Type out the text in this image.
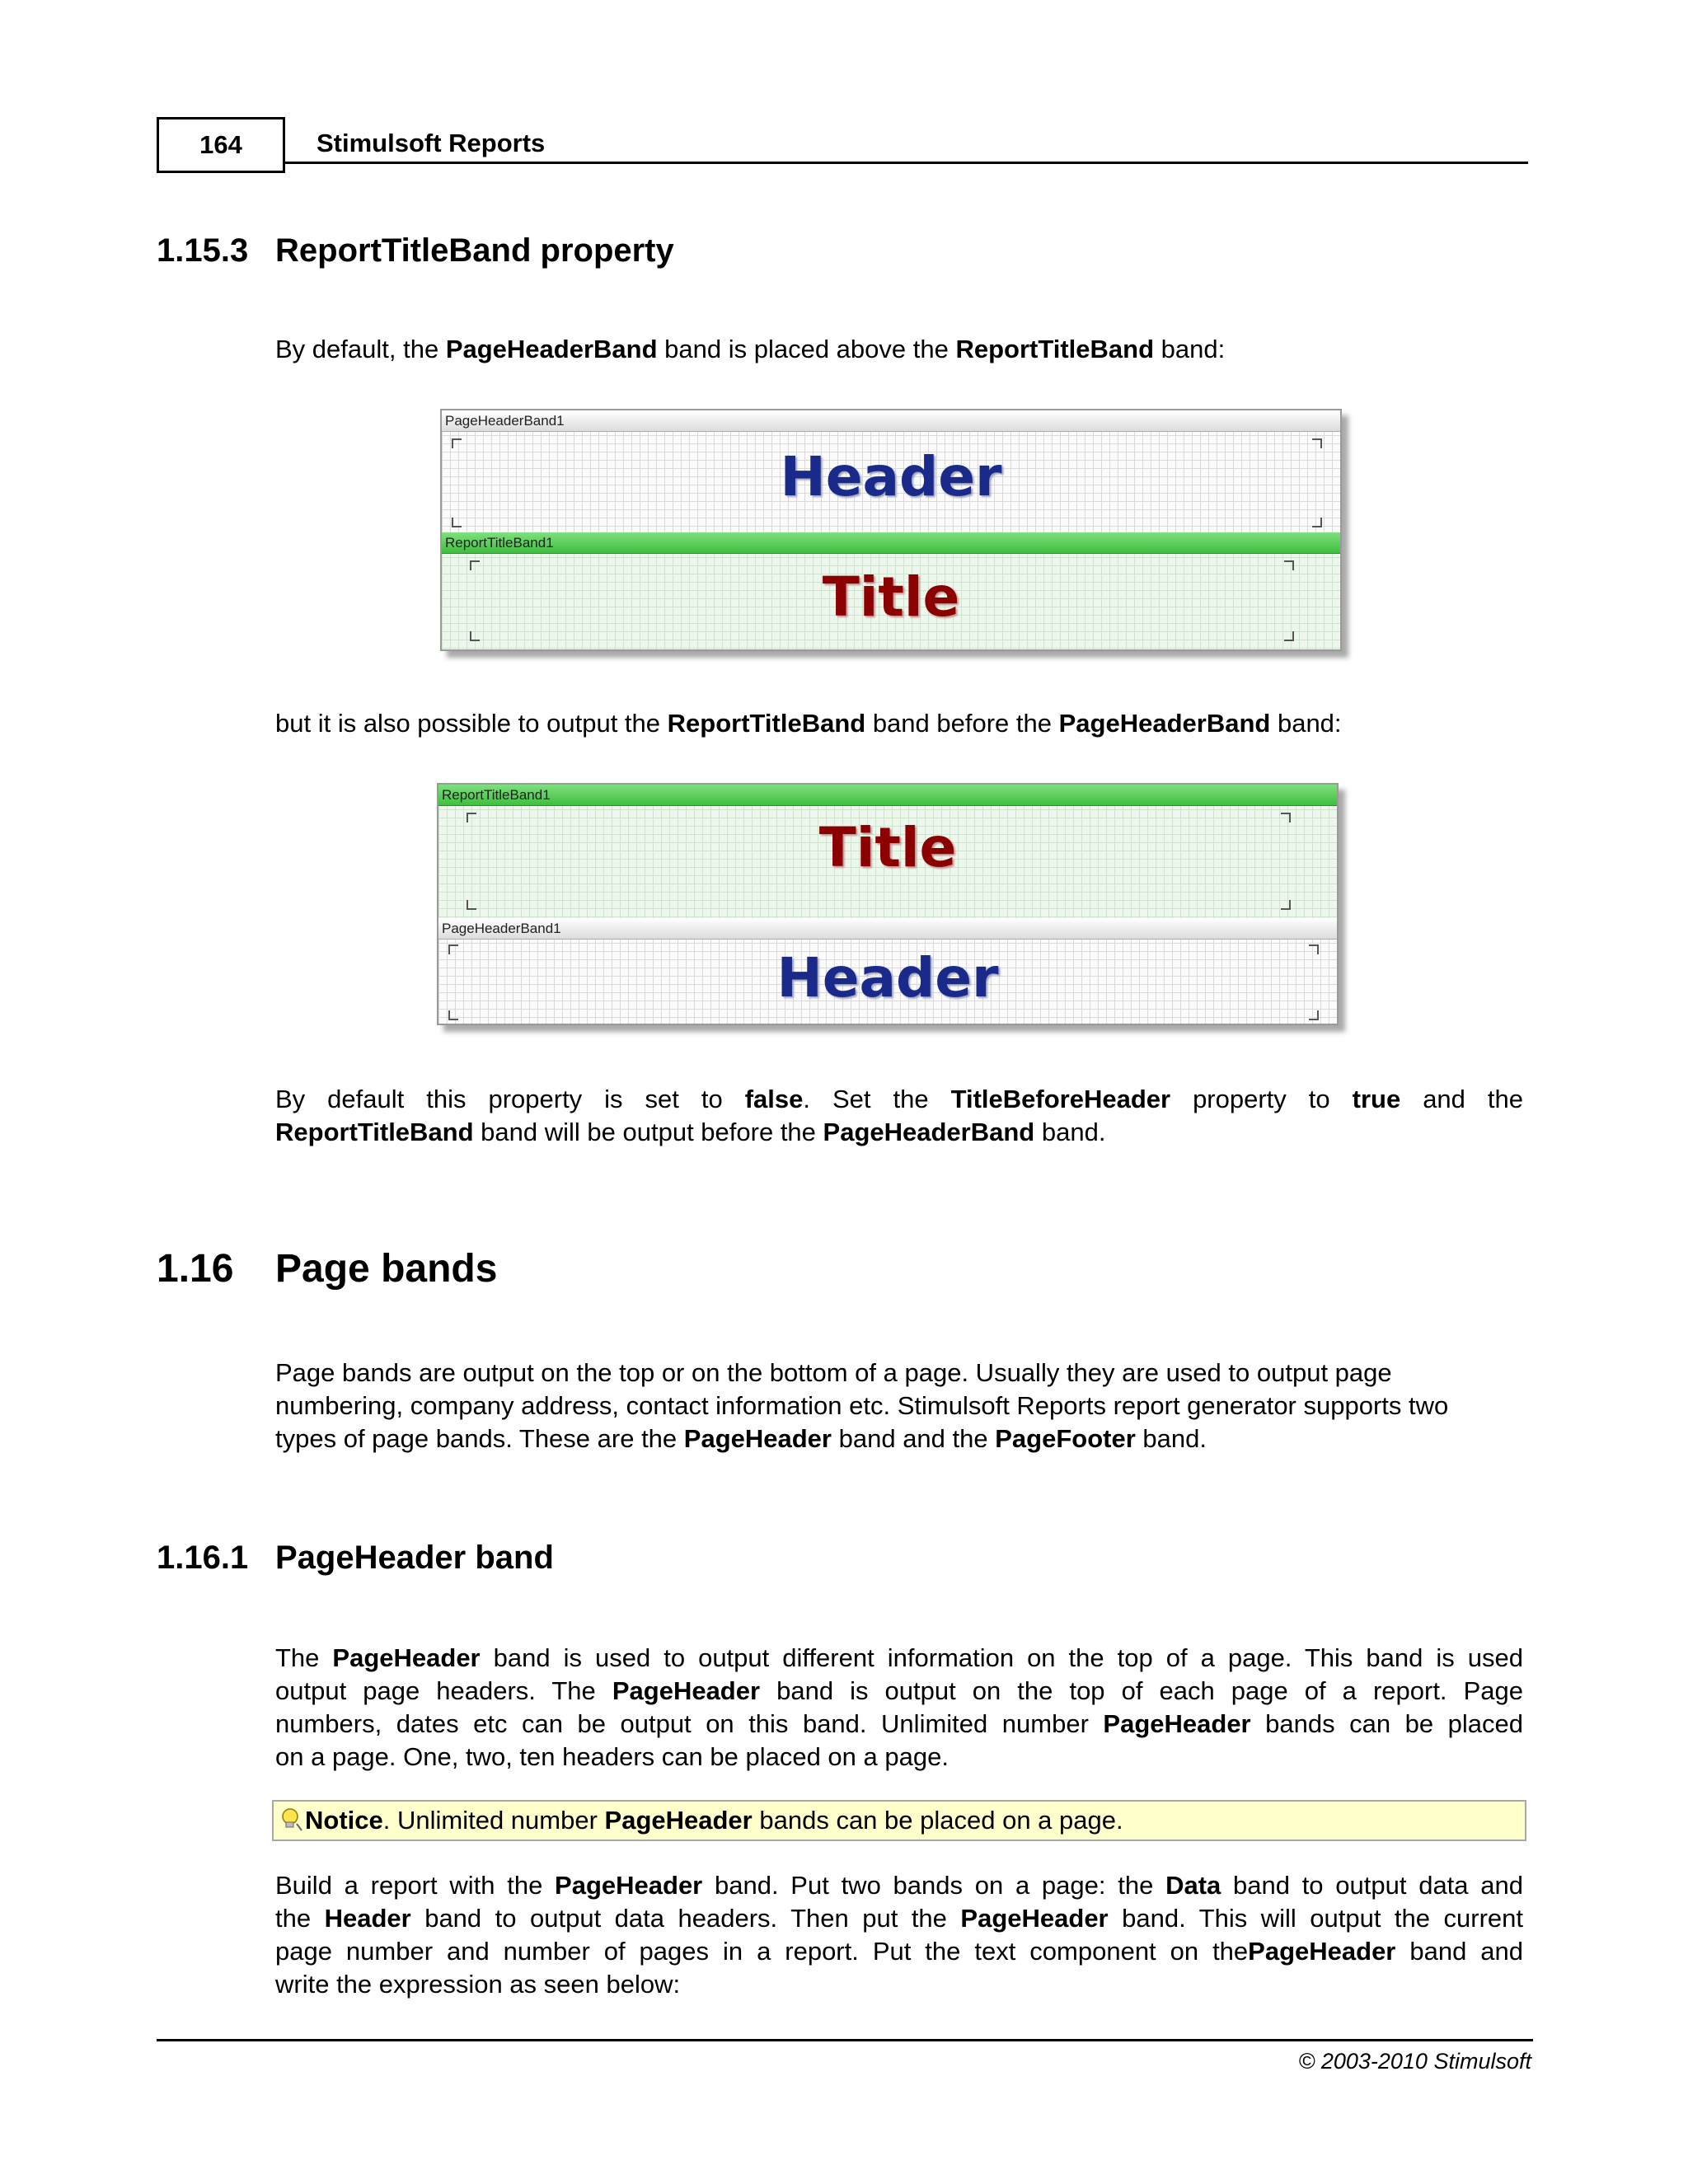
164	Stimulsoft Reports
1.15.3 ReportTitleBand property
By default, the PageHeaderBand band is placed above the ReportTitleBand band:
PageHeaderBand1
Header
ReportTitleBand1
Title
but it is also possible to output the ReportTitleBand band before the PageHeaderBand band:
ReportTitleBand1
Title
PageHeaderBand1
Header
By default this property is set to false. Set the TitleBeforeHeader property to true and the
ReportTitleBand band will be output before the PageHeaderBand band.
1.16 Page bands
Page bands are output on the top or on the bottom of a page. Usually they are used to output page
numbering, company address, contact information etc. Stimulsoft Reports report generator supports two
types of page bands. These are the PageHeader band and the PageFooter band.
1.16.1 PageHeader band
The PageHeader band is used to output different information on the top of a page. This band is used
output page headers. The PageHeader band is output on the top of each page of a report. Page
numbers, dates etc can be output on this band. Unlimited number PageHeader bands can be placed
on a page. One, two, ten headers can be placed on a page.
Notice. Unlimited number PageHeader bands can be placed on a page.
Build a report with the PageHeader band. Put two bands on a page: the Data band to output data and
the Header band to output data headers. Then put the PageHeader band. This will output the current
page number and number of pages in a report. Put the text component on thePageHeader band and
write the expression as seen below:
© 2003-2010 Stimulsoft
